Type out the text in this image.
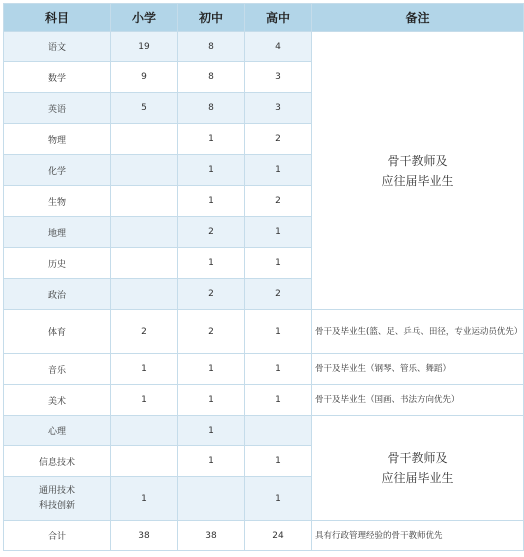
科目	小学	初中	高中	备注
语文	19	8	4	骨干教师及
应往届毕业生

数学	9	8	3	
英语	5	8	3	
物理		1	2	
化学		1	1	
生物		1	2	
地理		2	1	
历史		1	1	
政治		2	2	
体育	2	2	1	骨干及毕业生(篮、足、乒乓、田径，专业运动员优先）
音乐	1	1	1	骨干及毕业生（钢琴、管乐、舞蹈）
美术	1	1	1	骨干及毕业生（国画、书法方向优先）
心理		1		骨干教师及
应往届毕业生

信息技术		1	1	

通用技术
科技创新	1		1	
合计	38	38	24	具有行政管理经验的骨干教师优先
